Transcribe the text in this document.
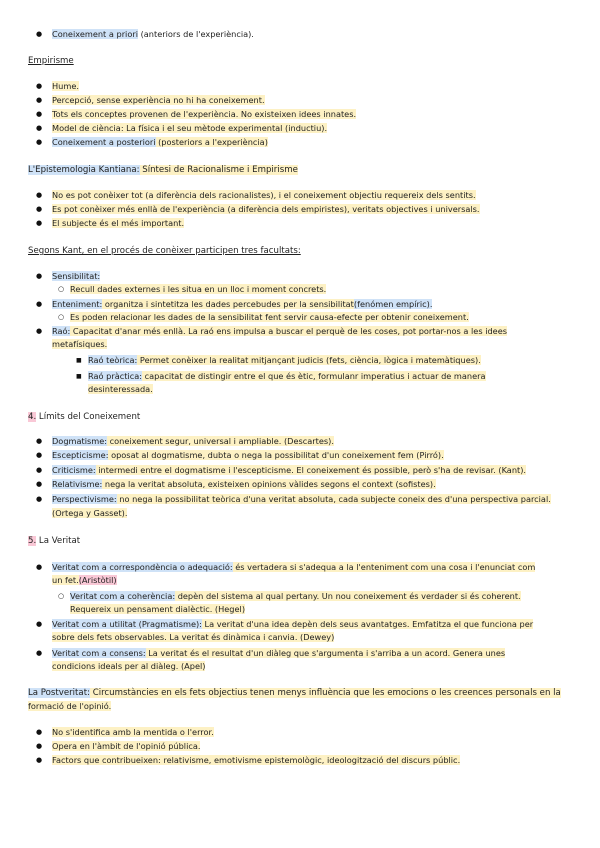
● Coneixement a priori (anteriors de l'experiència).
Empirisme
● Hume.
● Percepció, sense experiència no hi ha coneixement.
● Tots els conceptes provenen de l'experiència. No existeixen idees innates.
● Model de ciència: La física i el seu mètode experimental (inductiu).
● Coneixement a posteriori (posteriors a l'experiència)
L'Epistemologia Kantiana: Síntesi de Racionalisme i Empirisme
● No es pot conèixer tot (a diferència dels racionalistes), i el coneixement objectiu requereix dels sentits.
● Es pot conèixer més enllà de l'experiència (a diferència dels empiristes), veritats objectives i universals.
● El subjecte és el més important.
Segons Kant, en el procés de conèixer participen tres facultats:
● Sensibilitat:
○ Recull dades externes i les situa en un lloc i moment concrets.
● Enteniment: organitza i sintetitza les dades percebudes per la sensibilitat(fenómen empíric).
○ Es poden relacionar les dades de la sensibilitat fent servir causa-efecte per obtenir coneixement.
● Raó: Capacitat d'anar més enllà. La raó ens impulsa a buscar el perquè de les coses, pot portar-nos a les idees
metafísiques.
■ Raó teòrica: Permet conèixer la realitat mitjançant judicis (fets, ciència, lògica i matemàtiques).
■ Raó pràctica: capacitat de distingir entre el que és ètic, formulanr imperatius i actuar de manera
desinteressada.
4. Límits del Coneixement
● Dogmatisme: coneixement segur, universal i ampliable. (Descartes).
● Escepticisme: oposat al dogmatisme, dubta o nega la possibilitat d'un coneixement fem (Pirró).
● Criticisme: intermedi entre el dogmatisme i l'escepticisme. El coneixement és possible, però s'ha de revisar. (Kant).
● Relativisme: nega la veritat absoluta, existeixen opinions vàlides segons el context (sofistes).
● Perspectivisme: no nega la possibilitat teòrica d'una veritat absoluta, cada subjecte coneix des d'una perspectiva parcial.
(Ortega y Gasset).
5. La Veritat
● Veritat com a correspondència o adequació: és vertadera si s'adequa a la l'enteniment com una cosa i l'enunciat com
un fet.(Aristòtil)
○ Veritat com a coherència: depèn del sistema al qual pertany. Un nou coneixement és verdader si és coherent.
Requereix un pensament dialèctic. (Hegel)
● Veritat com a utilitat (Pragmatisme): La veritat d'una idea depèn dels seus avantatges. Emfatitza el que funciona per
sobre dels fets observables. La veritat és dinàmica i canvia. (Dewey)
● Veritat com a consens: La veritat és el resultat d'un diàleg que s'argumenta i s'arriba a un acord. Genera unes
condicions ideals per al diàleg. (Apel)
La Postveritat: Circumstàncies en els fets objectius tenen menys influència que les emocions o les creences personals en la
formació de l'opinió.
● No s'identifica amb la mentida o l'error.
● Opera en l'àmbit de l'opinió pública.
● Factors que contribueixen: relativisme, emotivisme epistemològic, ideologització del discurs públic.
